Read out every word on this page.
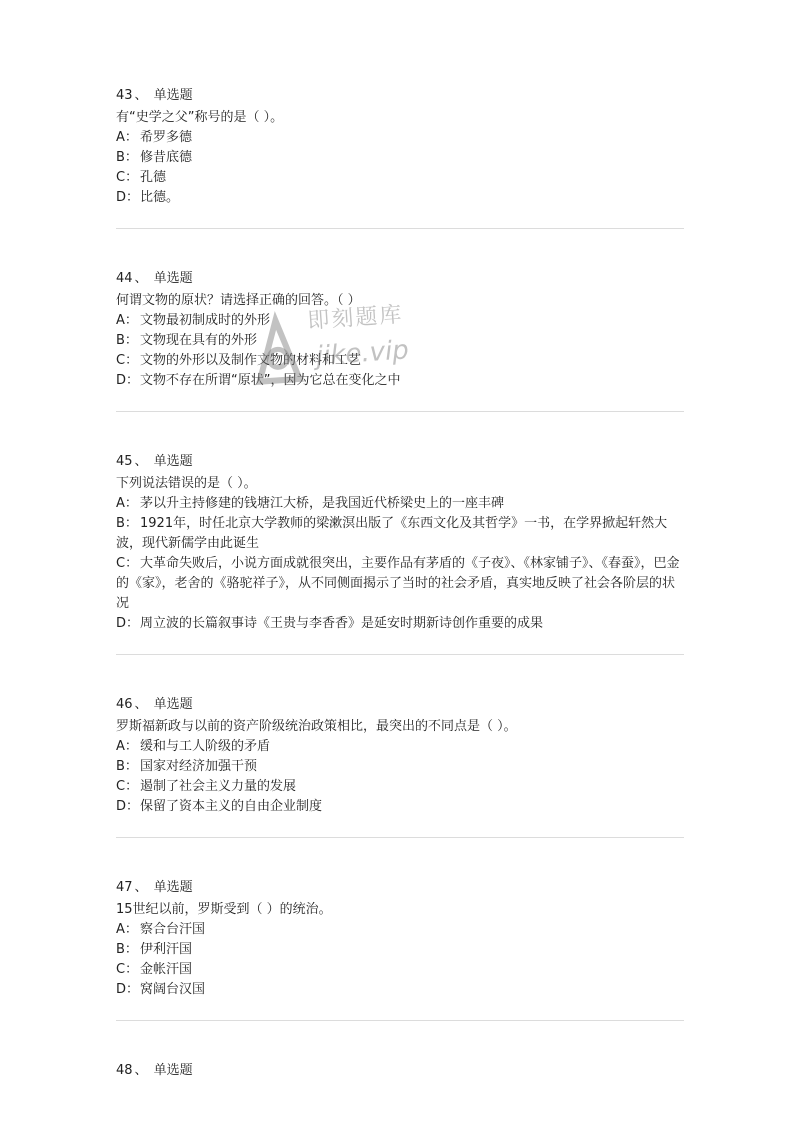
43 、 单选题
有“史学之父”称号的是（ ）。
A： 希罗多德
B： 修昔底德
C： 孔德
D：比德。
44 、 单选题
何谓文物的原状？请选择正确的回答。（ ）
A： 文物最初制成时的外形
B： 文物现在具有的外形
C： 文物的外形以及制作文物的材料和工艺
D：文物不存在所谓“原状”，因为它总在变化之中
45 、 单选题
下列说法错误的是（ ）。
A： 茅以升主持修建的钱塘江大桥，是我国近代桥梁史上的一座丰碑
B： 1921年，时任北京大学教师的梁漱溟出版了《东西文化及其哲学》一书，在学界掀起轩然大波，现代新儒学由此诞生
C： 大革命失败后，小说方面成就很突出，主要作品有茅盾的《子夜》、《林家铺子》、《春蚕》，巴金的《家》，老舍的《骆驼祥子》，从不同侧面揭示了当时的社会矛盾，真实地反映了社会各阶层的状况
D：周立波的长篇叙事诗《王贵与李香香》是延安时期新诗创作重要的成果
46 、 单选题
罗斯福新政与以前的资产阶级统治政策相比，最突出的不同点是（ ）。
A： 缓和与工人阶级的矛盾
B： 国家对经济加强干预
C： 遏制了社会主义力量的发展
D：保留了资本主义的自由企业制度
47 、 单选题
15世纪以前，罗斯受到（ ）的统治。
A： 察合台汗国
B： 伊利汗国
C： 金帐汗国
D：窝阔台汉国
48 、 单选题
即刻题库
jike.vip
